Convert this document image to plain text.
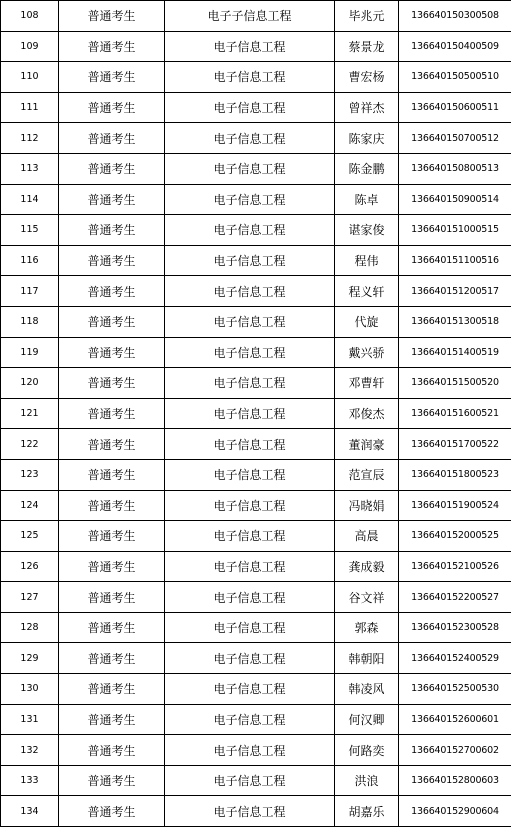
108	普通考生	电子子信息工程	毕兆元	136640150300508
109	普通考生	电子信息工程	蔡景龙	136640150400509
110	普通考生	电子信息工程	曹宏杨	136640150500510
111	普通考生	电子信息工程	曾祥杰	136640150600511
112	普通考生	电子信息工程	陈家庆	136640150700512
113	普通考生	电子信息工程	陈金鹏	136640150800513
114	普通考生	电子信息工程	陈卓	136640150900514
115	普通考生	电子信息工程	谌家俊	136640151000515
116	普通考生	电子信息工程	程伟	136640151100516
117	普通考生	电子信息工程	程义轩	136640151200517
118	普通考生	电子信息工程	代旋	136640151300518
119	普通考生	电子信息工程	戴兴骄	136640151400519
120	普通考生	电子信息工程	邓曹轩	136640151500520
121	普通考生	电子信息工程	邓俊杰	136640151600521
122	普通考生	电子信息工程	董润豪	136640151700522
123	普通考生	电子信息工程	范宣辰	136640151800523
124	普通考生	电子信息工程	冯晓娟	136640151900524
125	普通考生	电子信息工程	高晨	136640152000525
126	普通考生	电子信息工程	龚成毅	136640152100526
127	普通考生	电子信息工程	谷文祥	136640152200527
128	普通考生	电子信息工程	郭森	136640152300528
129	普通考生	电子信息工程	韩朝阳	136640152400529
130	普通考生	电子信息工程	韩凌风	136640152500530
131	普通考生	电子信息工程	何汉卿	136640152600601
132	普通考生	电子信息工程	何路奕	136640152700602
133	普通考生	电子信息工程	洪浪	136640152800603
134	普通考生	电子信息工程	胡嘉乐	136640152900604
